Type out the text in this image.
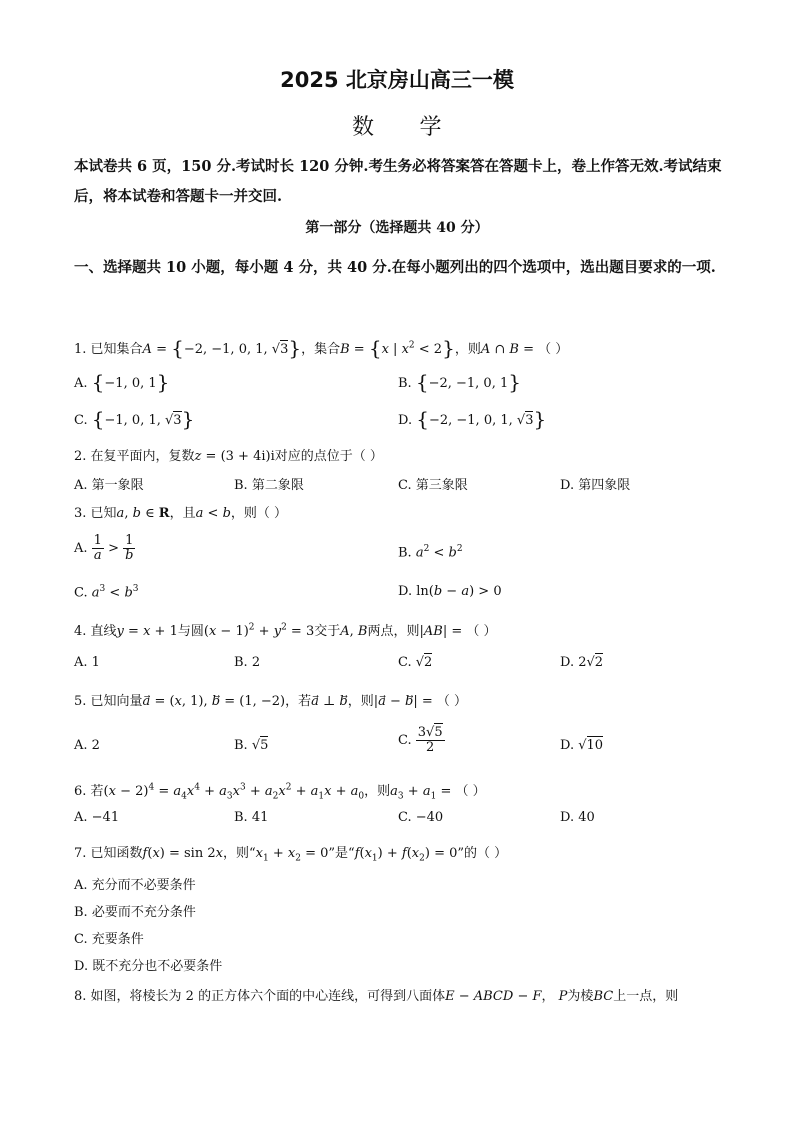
2025 北京房山高三一模
数      学
本试卷共 6 页，150 分.考试时长 120 分钟.考生务必将答案答在答题卡上，卷上作答无效.考试结束后，将本试卷和答题卡一并交回.
第一部分（选择题共 40 分）
一、选择题共 10 小题，每小题 4 分，共 40 分.在每小题列出的四个选项中，选出题目要求的一项.
1. 已知集合A = {−2, −1, 0, 1, √3}，集合B = {x | $x^2 < 2$}，则A ∩ B = （ ）
A. {−1, 0, 1}	B. {−2, −1, 0, 1}
C. {−1, 0, 1, √3}	D. {−2, −1, 0, 1, √3}
2. 在复平面内，复数z = (3 + 4i)i对应的点位于（ ）
A. 第一象限	B. 第二象限	C. 第三象限	D. 第四象限
3. 已知a, b ∈ R，且a < b，则（ ）
A. $\frac{1}{a} > \frac{1}{b}$	B. $a^2 < b^2$
C. $a^3 < b^3$	D. ln(b − a) > 0
4. 直线y = x + 1与圆$(x - 1)^2 + y^2 = 3$交于A, B两点，则|AB| = （ ）
A. 1	B. 2	C. √2	D. 2√2
5. 已知向量a⃗ = (x, 1), b⃗ = (1, −2)，若a⃗ ⊥ b，则|a⃗ − b⃗| = （ ）
A. 2	B. √5	C. $\frac{3√5}{2}$	D. √10
6. 若$(x - 2)^4 = a_4x^4 + a_3x^3 + a_2x^2 + a_1x + a_0$，则$a_3 + a_1$ = （ ）
A. −41	B. 41	C. −40	D. 40
7. 已知函数f(x) = sin 2x，则“$x_1 + x_2 = 0$”是“$f(x_1) + f(x_2) = 0$”的（ ）
A. 充分而不必要条件
B. 必要而不充分条件
C. 充要条件
D. 既不充分也不必要条件
8. 如图，将棱长为 2 的正方体六个面的中心连线，可得到八面体E − ABCD − F， P为棱BC上一点，则
